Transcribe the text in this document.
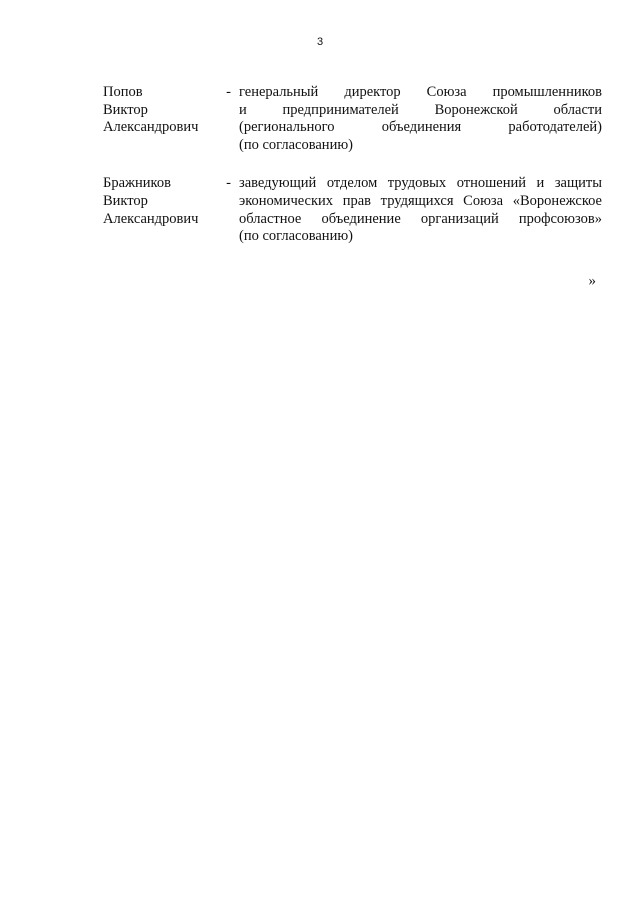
3
Попов
Виктор
Александрович
- генеральный директор Союза промышленников
и предпринимателей Воронежской области
(регионального объединения работодателей)
(по согласованию)
Бражников
Виктор
Александрович
- заведующий отделом трудовых отношений и защиты
экономических прав трудящихся Союза «Воронежское
областное объединение организаций профсоюзов»
(по согласованию)
»
